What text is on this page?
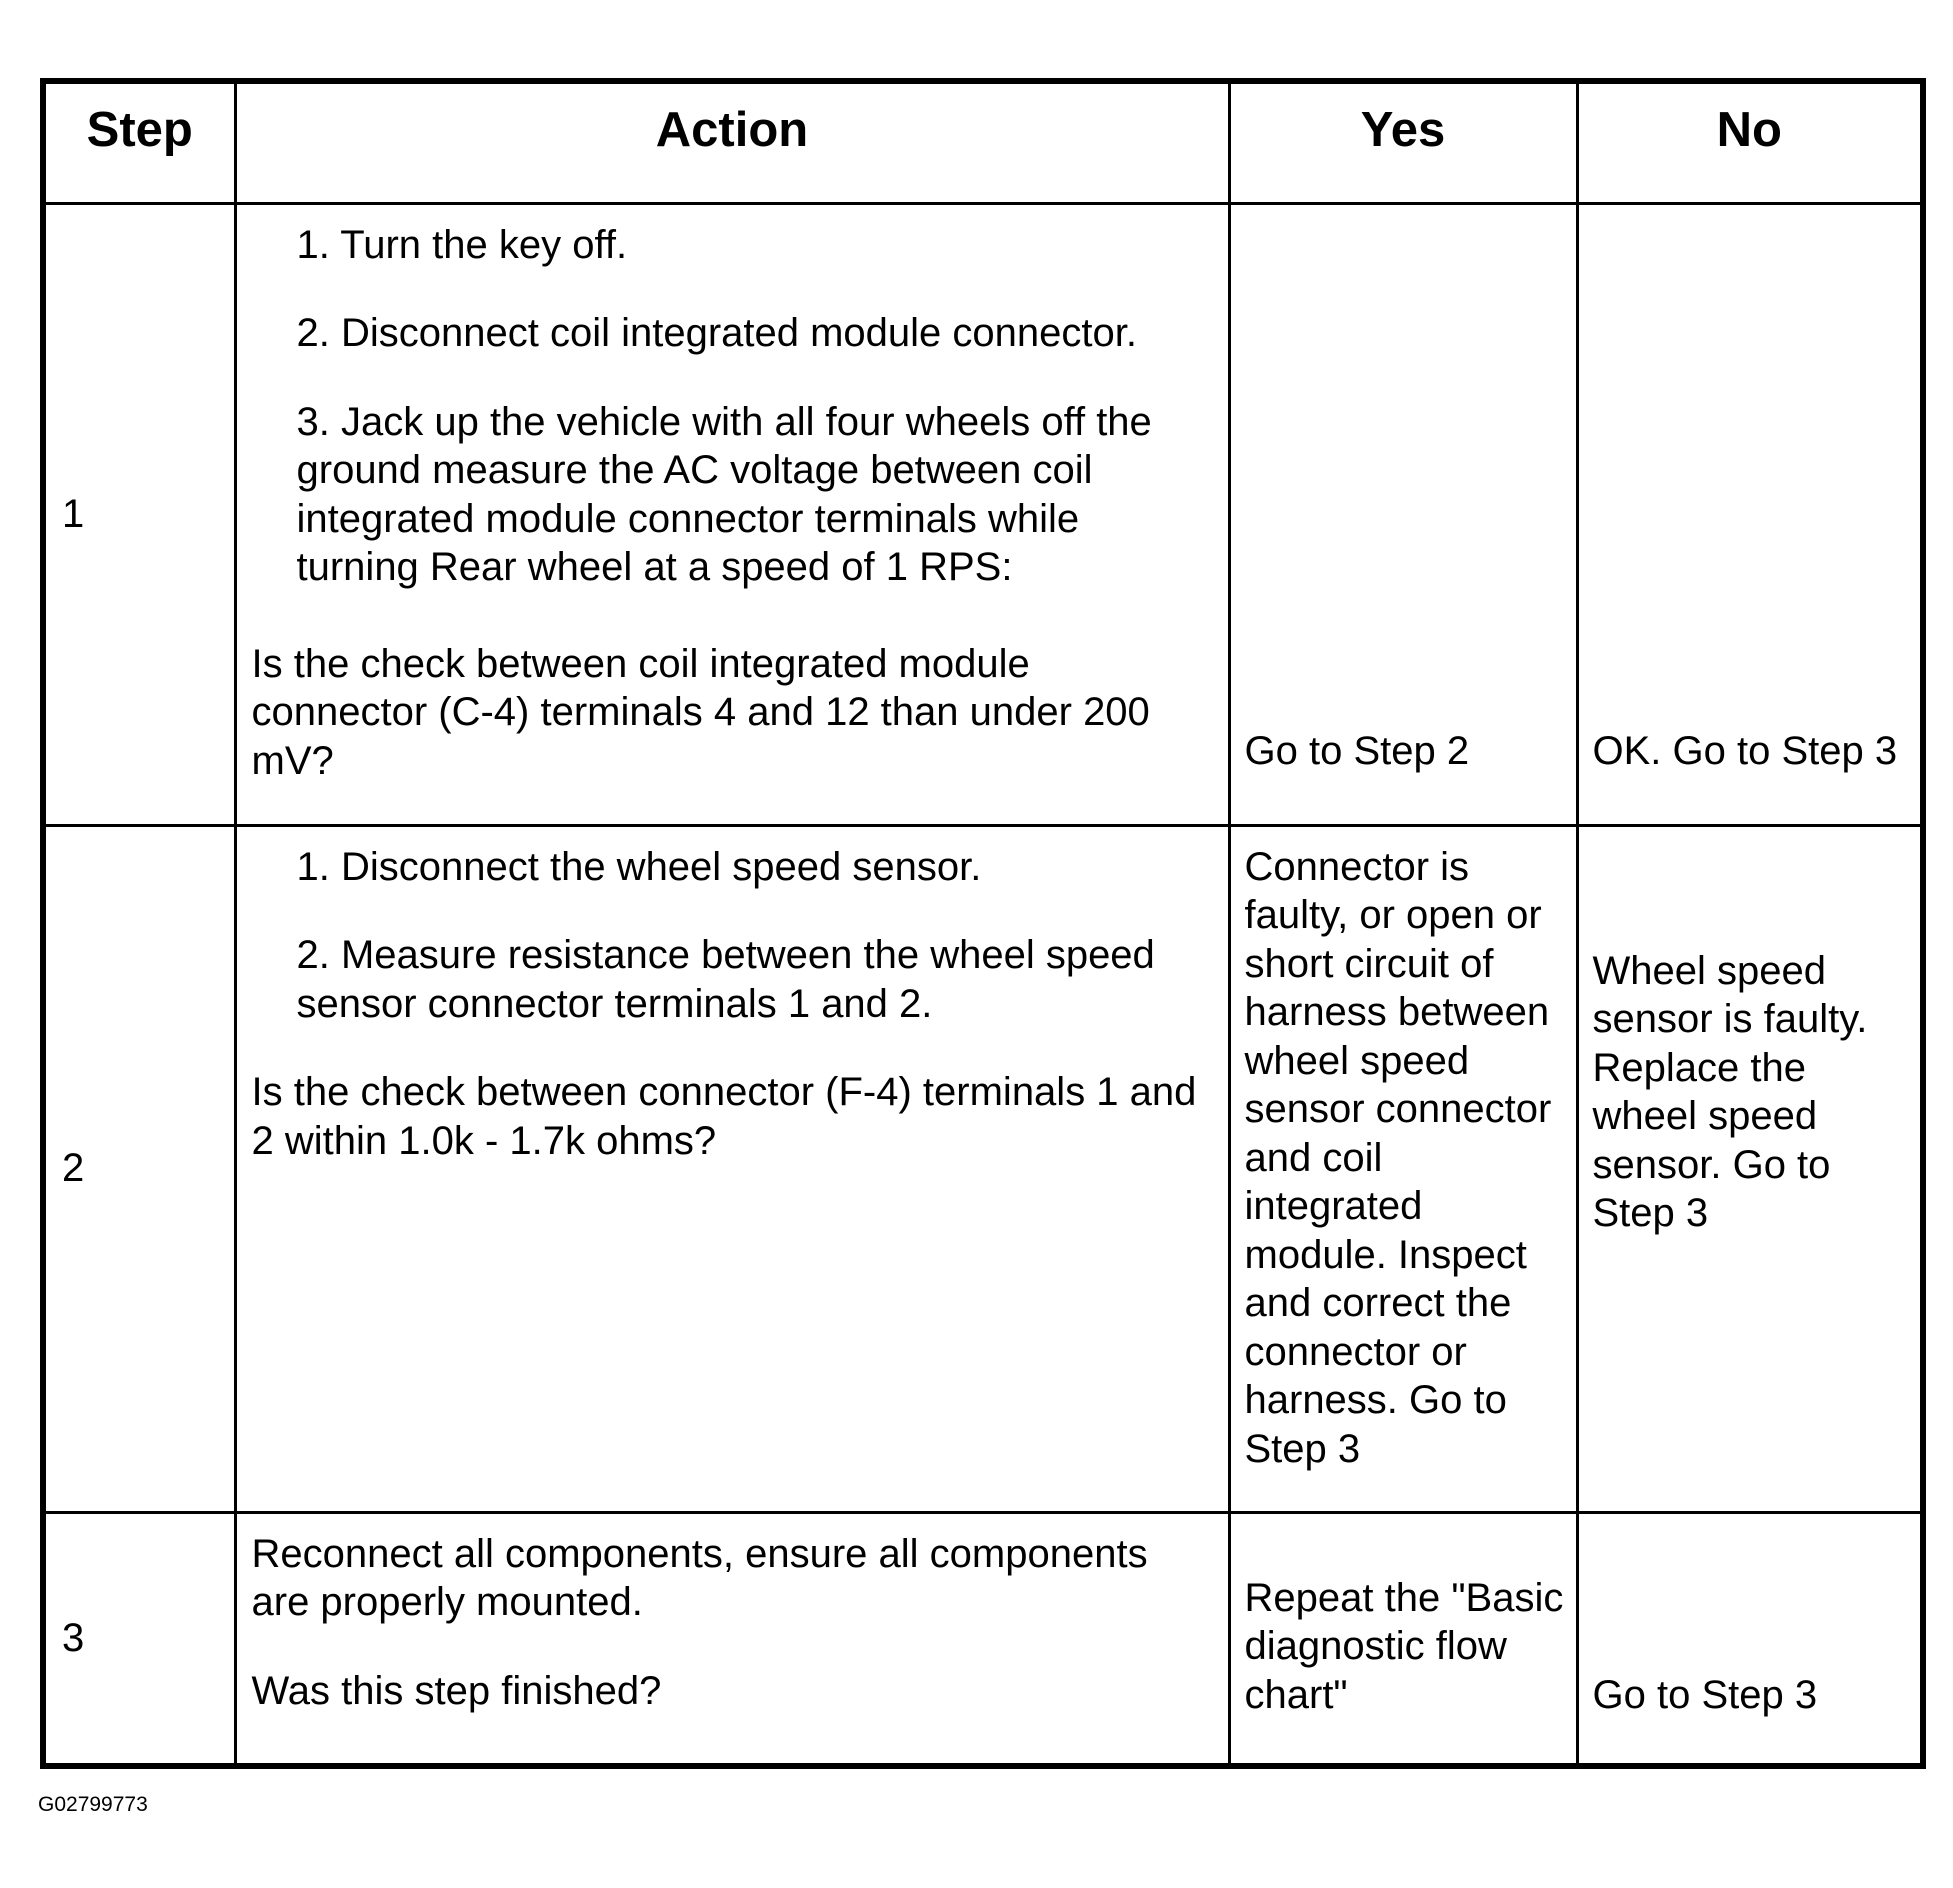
Step	Action	Yes	No
1	1. Turn the key off.
2. Disconnect coil integrated module connector.
3. Jack up the vehicle with all four wheels off the ground measure the AC voltage between coil integrated module connector terminals while turning Rear wheel at a speed of 1 RPS:
Is the check between coil integrated module connector (C-4) terminals 4 and 12 than under 200 mV?	Go to Step 2	OK. Go to Step 3
2	1. Disconnect the wheel speed sensor.
2. Measure resistance between the wheel speed sensor connector terminals 1 and 2.
Is the check between connector (F-4) terminals 1 and 2 within 1.0k - 1.7k ohms?	Connector is faulty, or open or short circuit of harness between wheel speed sensor connector and coil integrated module. Inspect and correct the connector or harness. Go to Step 3	Wheel speed sensor is faulty. Replace the wheel speed sensor. Go to Step 3
3	Reconnect all components, ensure all components are properly mounted.
Was this step finished?	Repeat the "Basic diagnostic flow chart"	Go to Step 3
G02799773
